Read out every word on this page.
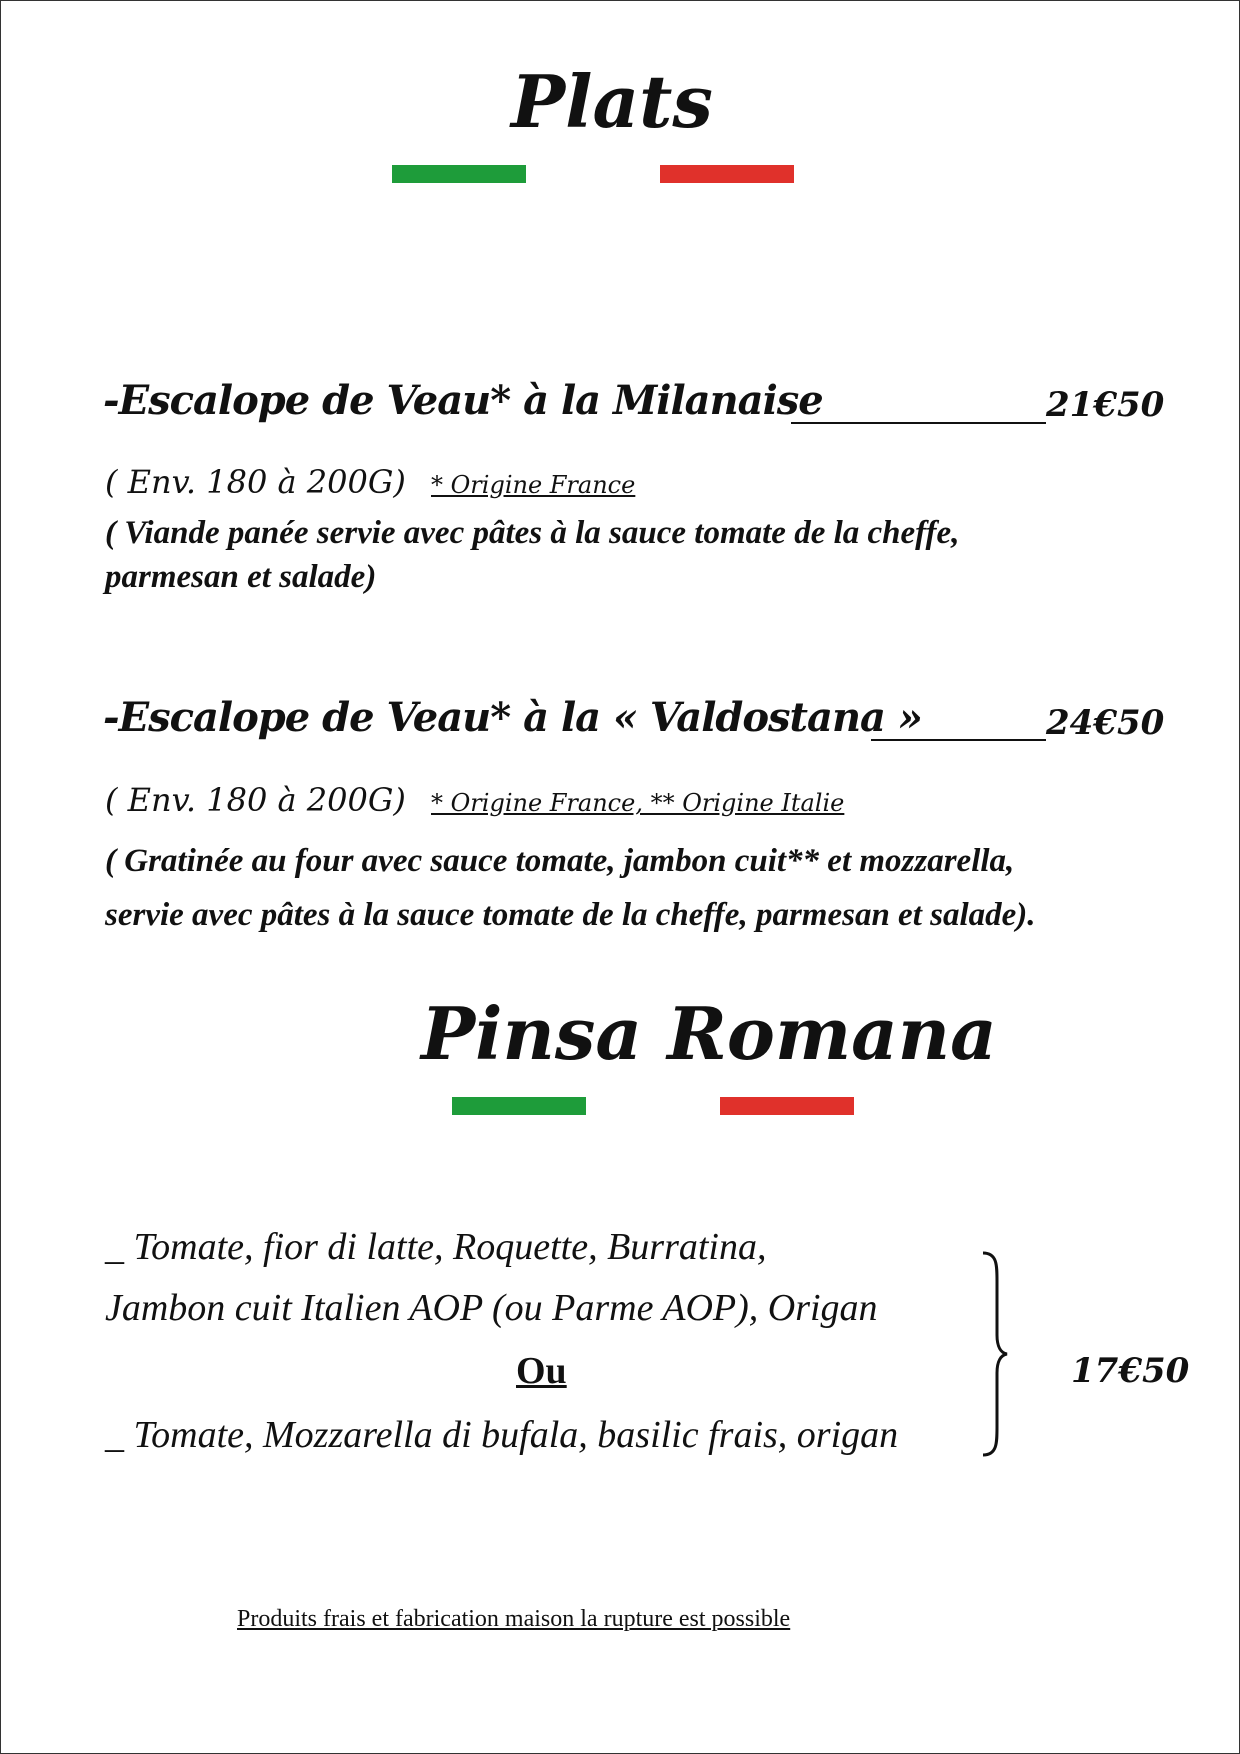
Plats
-Escalope de Veau* à la Milanaise	21€50
( Env. 180 à 200G) * Origine France
( Viande panée servie avec pâtes à la sauce tomate de la cheffe,
parmesan et salade)
-Escalope de Veau* à la « Valdostana »	24€50
( Env. 180 à 200G) * Origine France, ** Origine Italie
( Gratinée au four avec sauce tomate, jambon cuit** et mozzarella,
servie avec pâtes à la sauce tomate de la cheffe, parmesan et salade).
Pinsa Romana
_ Tomate, fior di latte, Roquette, Burratina,
Jambon cuit Italien AOP (ou Parme AOP), Origan
Ou
_ Tomate, Mozzarella di bufala, basilic frais, origan
17€50
Produits frais et fabrication maison la rupture est possible
